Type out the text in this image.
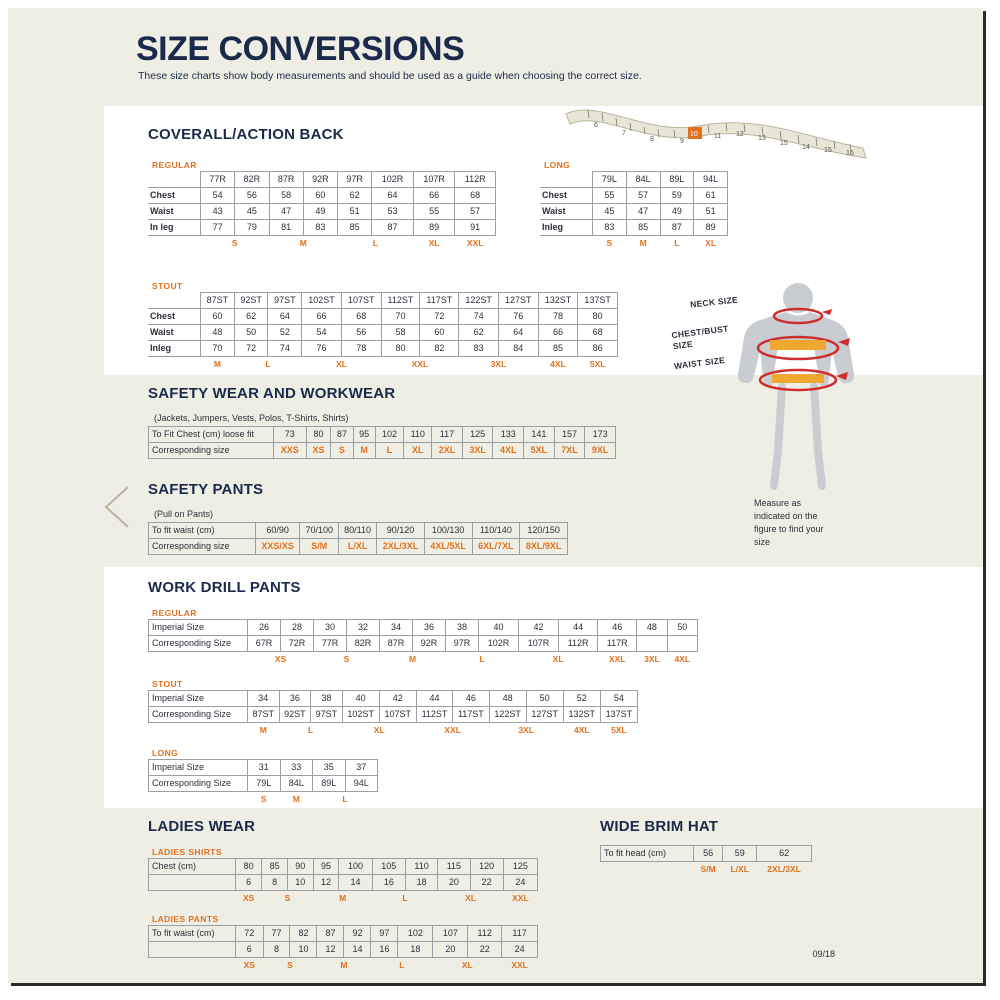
6
7
8	9
11 12
13
15
14 15 16
10
SIZE CONVERSIONS
These size charts show body measurements and should be used as a guide when choosing the correct size.
COVERALL/ACTION BACK
REGULAR
	77R	82R	87R	92R	97R	102R	107R	112R
Chest	54	56	58	60	62	64	66	68
Waist	43	45	47	49	51	53	55	57
In leg	77	79	81	83	85	87	89	91
	S		M		L		XL	XXL
LONG
	79L	84L	89L	94L
Chest	55	57	59	61
Waist	45	47	49	51
Inleg	83	85	87	89
	S	M	L	XL
STOUT
	87ST	92ST	97ST	102ST	107ST	112ST	117ST	122ST	127ST	132ST	137ST
Chest	60	62	64	66	68	70	72	74	76	78	80
Waist	48	50	52	54	56	58	60	62	64	66	68
Inleg	70	72	74	76	78	80	82	83	84	85	86
	M	L		XL		XXL		3XL		4XL	5XL
SAFETY WEAR AND WORKWEAR
(Jackets, Jumpers, Vests, Polos, T-Shirts, Shirts)
To Fit Chest (cm) loose fit	73	80	87	95	102	110	117	125	133	141	157	173
Corresponding size	XXS	XS	S	M	L	XL	2XL	3XL	4XL	5XL	7XL	9XL
SAFETY PANTS
(Pull on Pants)
To fit waist (cm)	60/90	70/100	80/110	90/120	100/130	110/140	120/150
Corresponding size	XXS/XS	S/M	L/XL	2XL/3XL	4XL/5XL	6XL/7XL	8XL/9XL
WORK DRILL PANTS
REGULAR
Imperial Size	26	28	30	32	34	36	38	40	42	44	46	48	50
Corresponding Size	67R	72R	77R	82R	87R	92R	97R	102R	107R	112R	117R		
	XS		S		M		L		XL		XXL	3XL	4XL
STOUT
Imperial Size	34	36	38	40	42	44	46	48	50	52	54
Corresponding Size	87ST	92ST	97ST	102ST	107ST	112ST	117ST	122ST	127ST	132ST	137ST
	M	L		XL		XXL		3XL		4XL	5XL
LONG
Imperial Size	31	33	35	37
Corresponding Size	79L	84L	89L	94L
	S	M	L	
LADIES WEAR
LADIES SHIRTS
Chest (cm)	80	85	90	95	100	105	110	115	120	125
	6	8	10	12	14	16	18	20	22	24
	XS	S		M		L		XL		XXL
LADIES PANTS
To fit waist (cm)	72	77	82	87	92	97	102	107	112	117
	6	8	10	12	14	16	18	20	22	24
	XS	S		M		L		XL		XXL
WIDE BRIM HAT
To fit head (cm)	56	59	62
	S/M	L/XL	2XL/3XL
NECK SIZE
CHEST/BUST SIZE
WAIST SIZE
Measure as indicated on the figure to find your size
09/18
